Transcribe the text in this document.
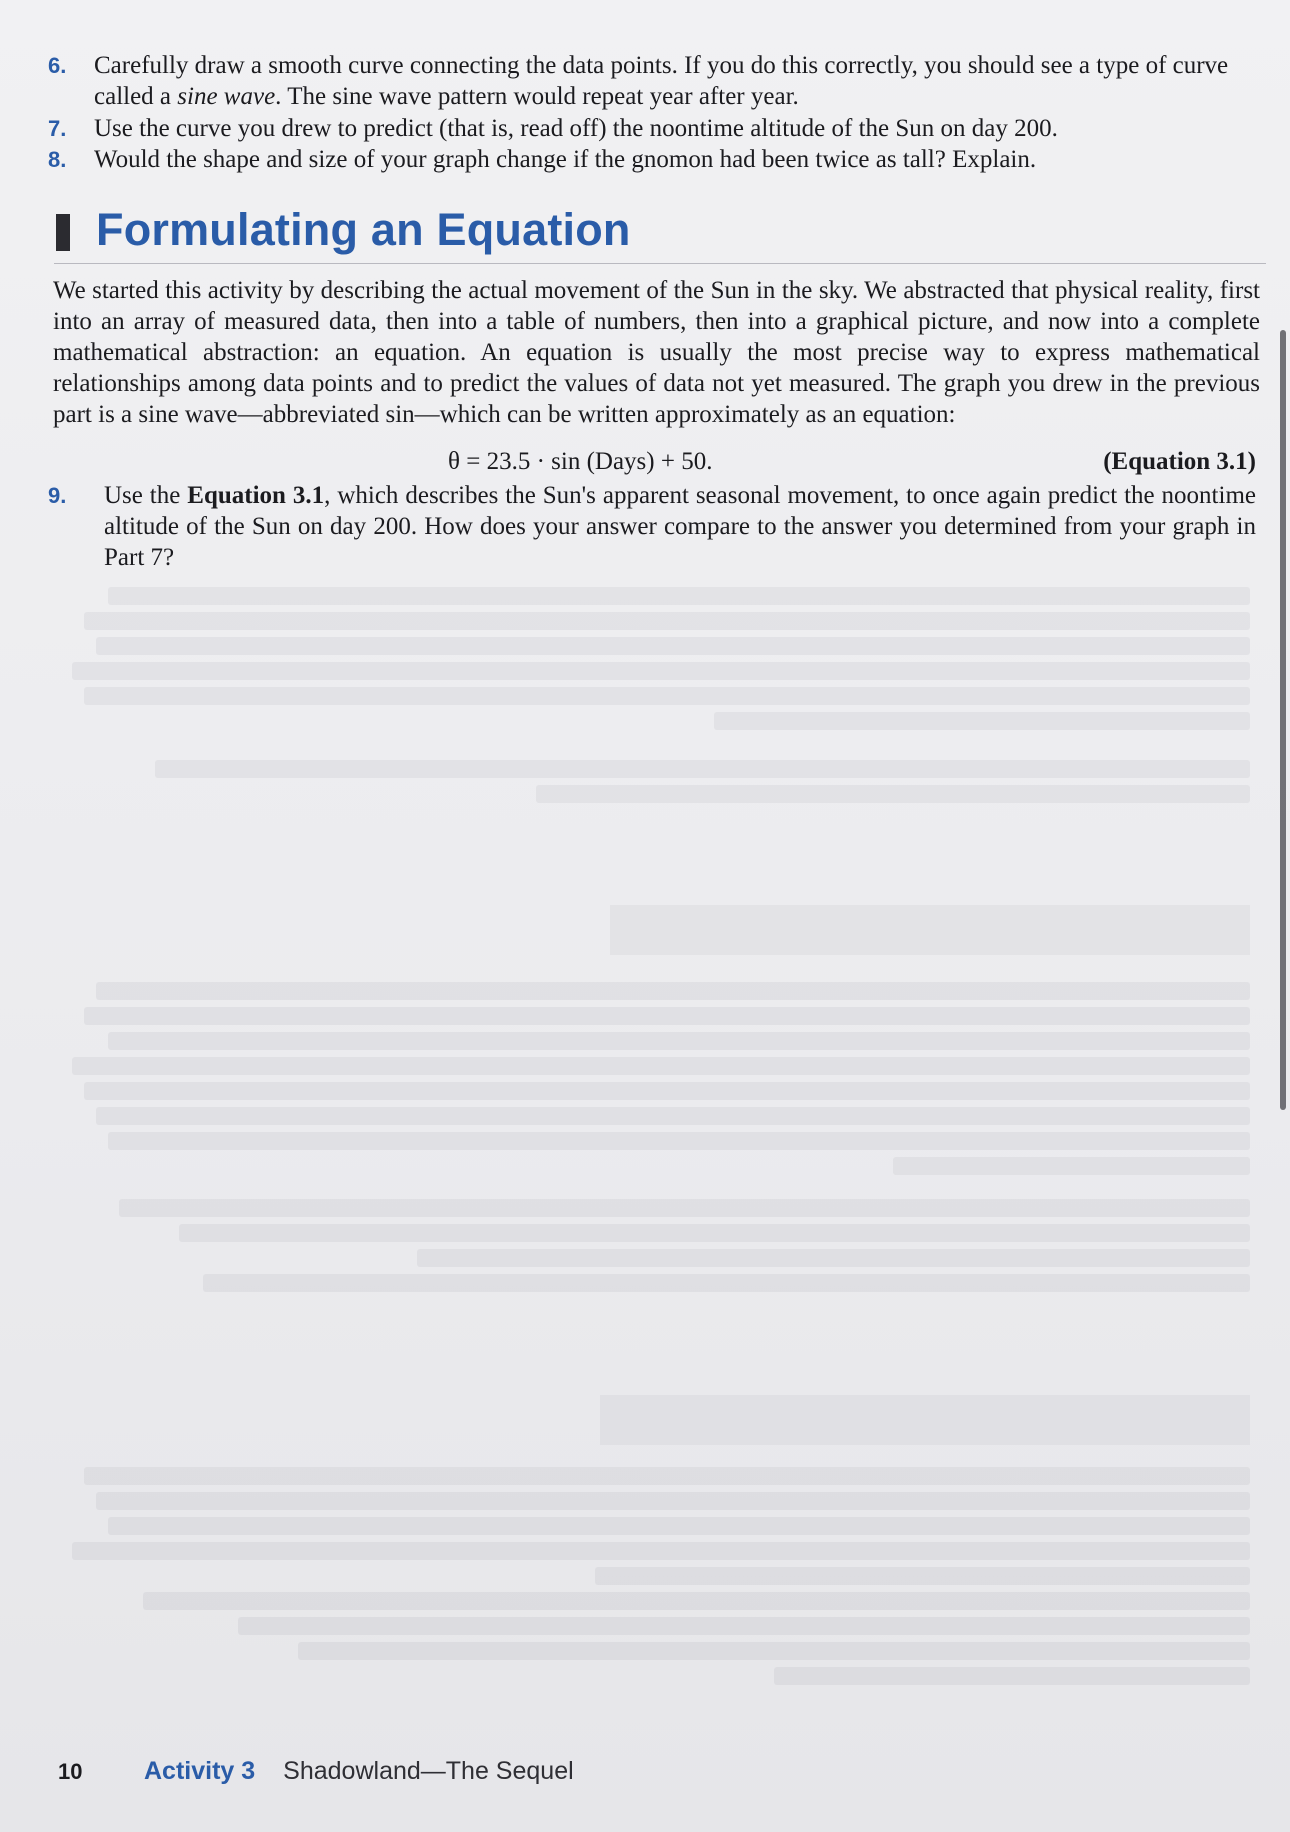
6. Carefully draw a smooth curve connecting the data points. If you do this correctly, you should see a type of curve called a sine wave. The sine wave pattern would repeat year after year.
7. Use the curve you drew to predict (that is, read off) the noontime altitude of the Sun on day 200.
8. Would the shape and size of your graph change if the gnomon had been twice as tall? Explain.
Formulating an Equation
We started this activity by describing the actual movement of the Sun in the sky. We abstracted that physical reality, first into an array of measured data, then into a table of numbers, then into a graphical picture, and now into a complete mathematical abstraction: an equation. An equation is usually the most precise way to express mathematical relationships among data points and to predict the values of data not yet measured. The graph you drew in the previous part is a sine wave—abbreviated sin—which can be written approximately as an equation:
θ = 23.5 · sin (Days) + 50.	(Equation 3.1)
9. Use the Equation 3.1, which describes the Sun's apparent seasonal movement, to once again predict the noontime altitude of the Sun on day 200. How does your answer compare to the answer you determined from your graph in Part 7?
10	Activity 3 Shadowland—The Sequel
